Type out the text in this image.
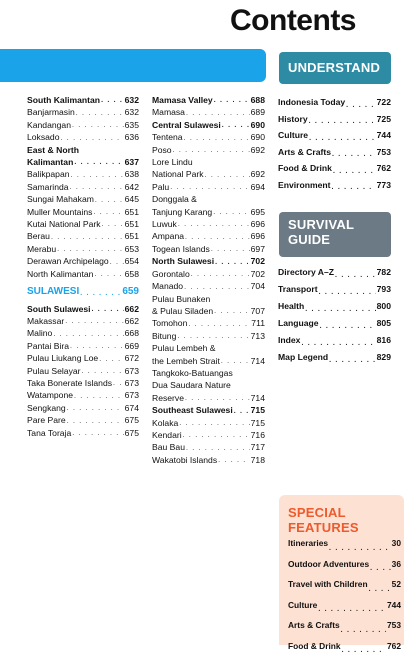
Contents
UNDERSTAND
SURVIVAL
GUIDE
SPECIAL
FEATURES
South Kalimantan . . .	632
Banjarmasin . . .	632
Kandangan . . .	635
Loksado . . .	636
East & North
Kalimantan . . .	637
Balikpapan . . .	638
Samarinda . . .	642
Sungai Mahakam . . .	645
Muller Mountains . . .	651
Kutai National Park . . .	651
Berau . . .	651
Merabu . . .	653
Derawan Archipelago . . . 654
North Kalimantan . . .	658
SULAWESI . . .	659
South Sulawesi . . .	662
Makassar . . .	662
Malino . . .	668
Pantai Bira . . .	669
Pulau Liukang Loe . . .	672
Pulau Selayar . . .	673
Taka Bonerate Islands . . . 673
Watampone . . .	673
Sengkang . . .	674
Pare Pare . . .	675
Tana Toraja . . .	675
Mamasa Valley . . .	688
Mamasa . . .	689
Central Sulawesi . . .	690
Tentena . . .	690
Poso . . .	692
Lore Lindu
National Park . . .	692
Palu . . .	694
Donggala &
Tanjung Karang . . .	695
Luwuk . . .	696
Ampana . . .	696
Togean Islands . . .	697
North Sulawesi . . .	702
Gorontalo . . .	702
Manado . . .	704
Pulau Bunaken
& Pulau Siladen . . .	707
Tomohon . . .	711
Bitung . . .	713
Pulau Lembeh &
the Lembeh Strait . . .	714
Tangkoko-Batuangas
Dua Saudara Nature
Reserve . . .	714
Southeast Sulawesi . . . 715
Kolaka . . .	715
Kendari . . .	716
Bau Bau . . .	717
Wakatobi Islands . . .	718
Indonesia Today . . .	722
History . . .	725
Culture . . .	744
Arts & Crafts . . .	753
Food & Drink . . .	762
Environment . . .	773
Directory A–Z . . .	782
Transport . . .	793
Health . . .	800
Language . . .	805
Index . . .	816
Map Legend . . .	829
Itineraries . . .	30
Outdoor Adventures . . .	36
Travel with Children . . .	52
Culture . . .	744
Arts & Crafts . . .	753
Food & Drink . . .	762
